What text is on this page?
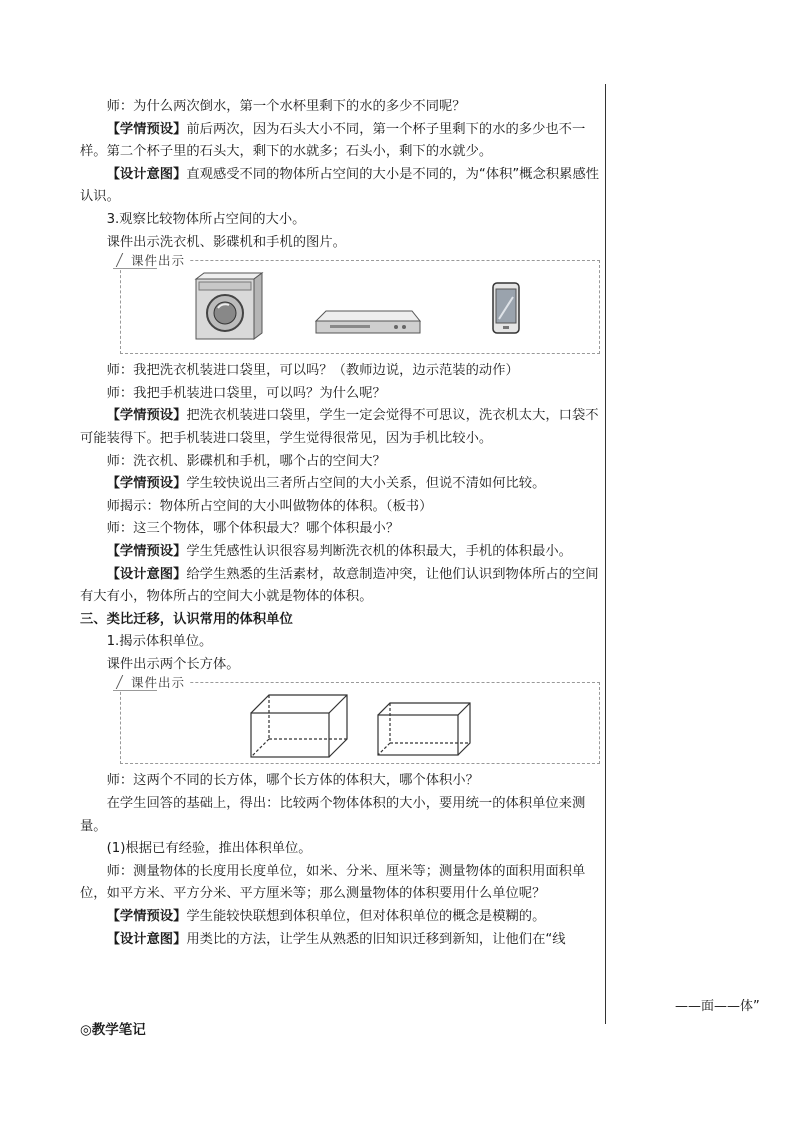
师：为什么两次倒水，第一个水杯里剩下的水的多少不同呢？

【学情预设】前后两次，因为石头大小不同，第一个杯子里剩下的水的多少也不一样。第二个杯子里的石头大，剩下的水就多；石头小，剩下的水就少。

【设计意图】直观感受不同的物体所占空间的大小是不同的，为“体积”概念积累感性认识。

3.观察比较物体所占空间的大小。

课件出示洗衣机、影碟机和手机的图片。

课件出示

师：我把洗衣机装进口袋里，可以吗？（教师边说，边示范装的动作）

师：我把手机装进口袋里，可以吗？为什么呢？

【学情预设】把洗衣机装进口袋里，学生一定会觉得不可思议，洗衣机太大，口袋不可能装得下。把手机装进口袋里，学生觉得很常见，因为手机比较小。

师：洗衣机、影碟机和手机，哪个占的空间大？

【学情预设】学生较快说出三者所占空间的大小关系，但说不清如何比较。

师揭示：物体所占空间的大小叫做物体的体积。（板书）

师：这三个物体，哪个体积最大？哪个体积最小？

【学情预设】学生凭感性认识很容易判断洗衣机的体积最大，手机的体积最小。

【设计意图】给学生熟悉的生活素材，故意制造冲突，让他们认识到物体所占的空间有大有小，物体所占的空间大小就是物体的体积。

三、类比迁移，认识常用的体积单位

1.揭示体积单位。

课件出示两个长方体。

课件出示

师：这两个不同的长方体，哪个长方体的体积大，哪个体积小？

在学生回答的基础上，得出：比较两个物体体积的大小，要用统一的体积单位来测量。

(1)根据已有经验，推出体积单位。

师：测量物体的长度用长度单位，如米、分米、厘米等；测量物体的面积用面积单位，如平方米、平方分米、平方厘米等；那么测量物体的体积要用什么单位呢？

【学情预设】学生能较快联想到体积单位，但对体积单位的概念是模糊的。

【设计意图】用类比的方法，让学生从熟悉的旧知识迁移到新知，让他们在“线

——面——体”
◎教学笔记
